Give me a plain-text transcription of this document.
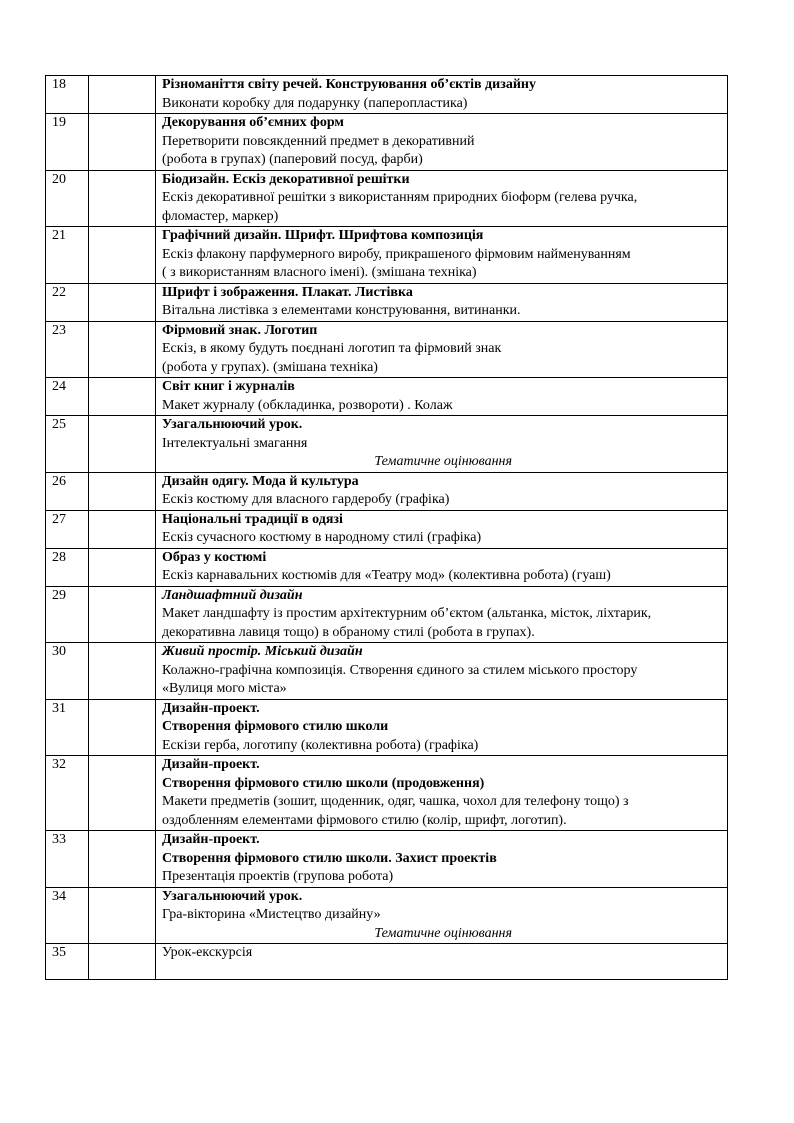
18		Різноманіття світу речей. Конструювання об’єктів дизайну
Виконати коробку для подарунку (паперопластика)

19		Декорування об’ємних форм
Перетворити повсякденний предмет в декоративний
(робота в групах) (паперовий посуд, фарби)

20		Біодизайн. Ескіз декоративної решітки
Ескіз декоративної решітки з використанням природних біоформ (гелева ручка,
фломастер, маркер)

21		Графічний дизайн. Шрифт. Шрифтова композиція
Ескіз флакону парфумерного виробу, прикрашеного фірмовим найменуванням
( з використанням власного імені). (змішана техніка)

22		Шрифт і зображення. Плакат. Листівка
Вітальна листівка з елементами конструювання, витинанки.

23		Фірмовий знак. Логотип
Ескіз, в якому будуть поєднані логотип та фірмовий знак
(робота у групах). (змішана техніка)

24		Світ книг і журналів
Макет журналу (обкладинка, розвороти) . Колаж

25		Узагальнюючий урок.
Інтелектуальні змагання
Тематичне оцінювання

26		Дизайн одягу. Мода й культура
Ескіз костюму для власного гардеробу (графіка)

27		Національні традиції в одязі
Ескіз сучасного костюму в народному стилі (графіка)

28		Образ у костюмі
Ескіз карнавальних костюмів для «Театру мод» (колективна робота) (гуаш)

29		Ландшафтний дизайн
Макет ландшафту із простим архітектурним об’єктом (альтанка, місток, ліхтарик,
декоративна лавиця тощо) в обраному стилі (робота в групах).

30		Живий простір. Міський дизайн
Колажно-графічна композиція. Створення єдиного за стилем міського простору
«Вулиця мого міста»

31		Дизайн-проект.
Створення фірмового стилю школи
Ескізи герба, логотипу (колективна робота) (графіка)

32		Дизайн-проект.
Створення фірмового стилю школи (продовження)
Макети предметів (зошит, щоденник, одяг, чашка, чохол для телефону тощо) з
оздобленням елементами фірмового стилю (колір, шрифт, логотип).

33		Дизайн-проект.
Створення фірмового стилю школи. Захист проектів
Презентація проектів (групова робота)

34		Узагальнюючий урок.
Гра-вікторина «Мистецтво дизайну»
Тематичне оцінювання

35		Урок-екскурсія
